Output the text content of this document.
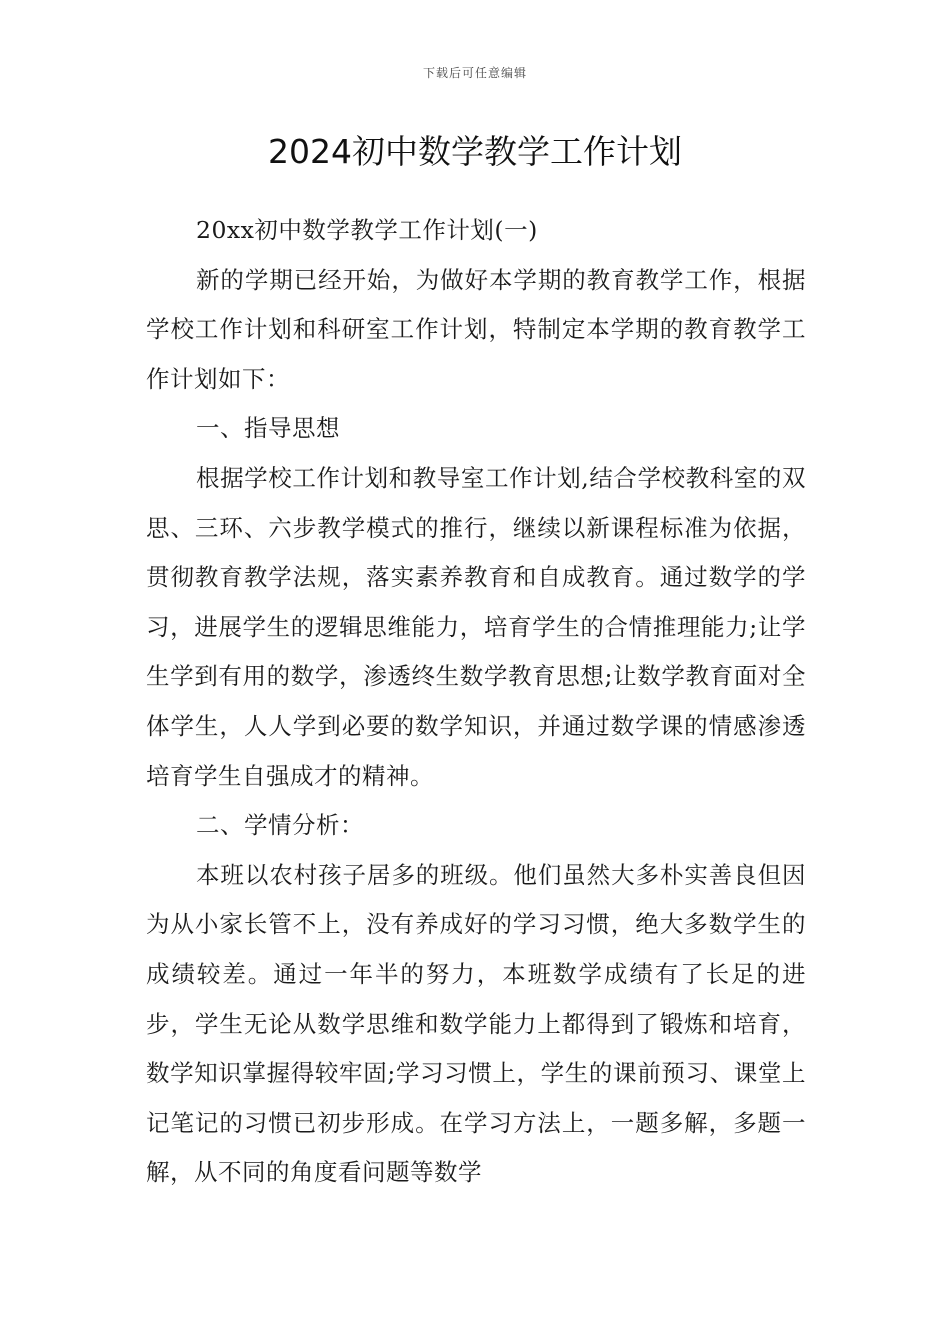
下载后可任意编辑
2024初中数学教学工作计划

20xx初中数学教学工作计划(一)

新的学期已经开始，为做好本学期的教育教学工作，根据学校工作计划和科研室工作计划，特制定本学期的教育教学工作计划如下：

一、指导思想

根据学校工作计划和教导室工作计划,结合学校教科室的双思、三环、六步教学模式的推行，继续以新课程标准为依据，贯彻教育教学法规，落实素养教育和自成教育。通过数学的学习，进展学生的逻辑思维能力，培育学生的合情推理能力;让学生学到有用的数学，渗透终生数学教育思想;让数学教育面对全体学生，人人学到必要的数学知识，并通过数学课的情感渗透培育学生自强成才的精神。

二、学情分析：

本班以农村孩子居多的班级。他们虽然大多朴实善良但因为从小家长管不上，没有养成好的学习习惯，绝大多数学生的成绩较差。通过一年半的努力，本班数学成绩有了长足的进步，学生无论从数学思维和数学能力上都得到了锻炼和培育，数学知识掌握得较牢固;学习习惯上，学生的课前预习、课堂上记笔记的习惯已初步形成。在学习方法上，一题多解，多题一解，从不同的角度看问题等数学
